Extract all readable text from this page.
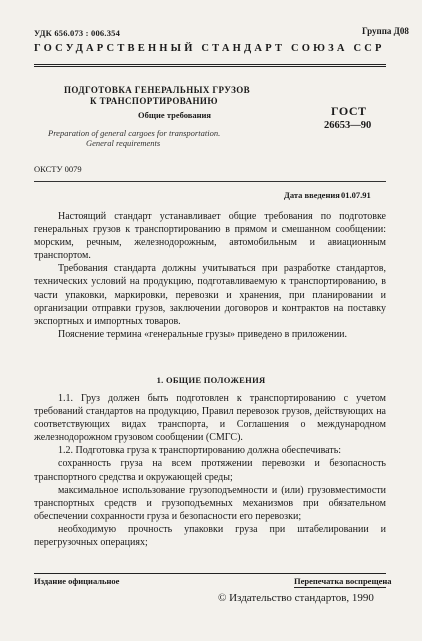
УДК 656.073 : 006.354	Группа Д08
ГОСУДАРСТВЕННЫЙ СТАНДАРТ СОЮЗА ССР
ПОДГОТОВКА ГЕНЕРАЛЬНЫХ ГРУЗОВ
К ТРАНСПОРТИРОВАНИЮ
Общие требования	ГОСТ
26653—90
Preparation of general cargoes for transportation.
General requirements
ОКСТУ 0079
Дата введения 01.07.91

Настоящий стандарт устанавливает общие требования по подготовке генеральных грузов к транспортированию в прямом и смешанном сообщении: морским, речным, железнодорожным, автомобильным и авиационным транспортом.

Требования стандарта должны учитываться при разработке стандартов, технических условий на продукцию, подготавливаемую к транспортированию, в части упаковки, маркировки, перевозки и хранения, при планировании и организации отправки грузов, заключении договоров и контрактов на поставку экспортных и импортных товаров.

Пояснение термина «генеральные грузы» приведено в приложении.

1. ОБЩИЕ ПОЛОЖЕНИЯ

1.1. Груз должен быть подготовлен к транспортированию с учетом требований стандартов на продукцию, Правил перевозок грузов, действующих на соответствующих видах транспорта, и Соглашения о международном железнодорожном грузовом сообщении (СМГС).

1.2. Подготовка груза к транспортированию должна обеспечивать:

сохранность груза на всем протяжении перевозки и безопасность транспортного средства и окружающей среды;

максимальное использование грузоподъемности и (или) грузовместимости транспортных средств и грузоподъемных механизмов при обязательном обеспечении сохранности груза и безопасности его перевозки;

необходимую прочность упаковки груза при штабелировании и перегрузочных операциях;

Издание официальное	Перепечатка воспрещена
© Издательство стандартов, 1990
